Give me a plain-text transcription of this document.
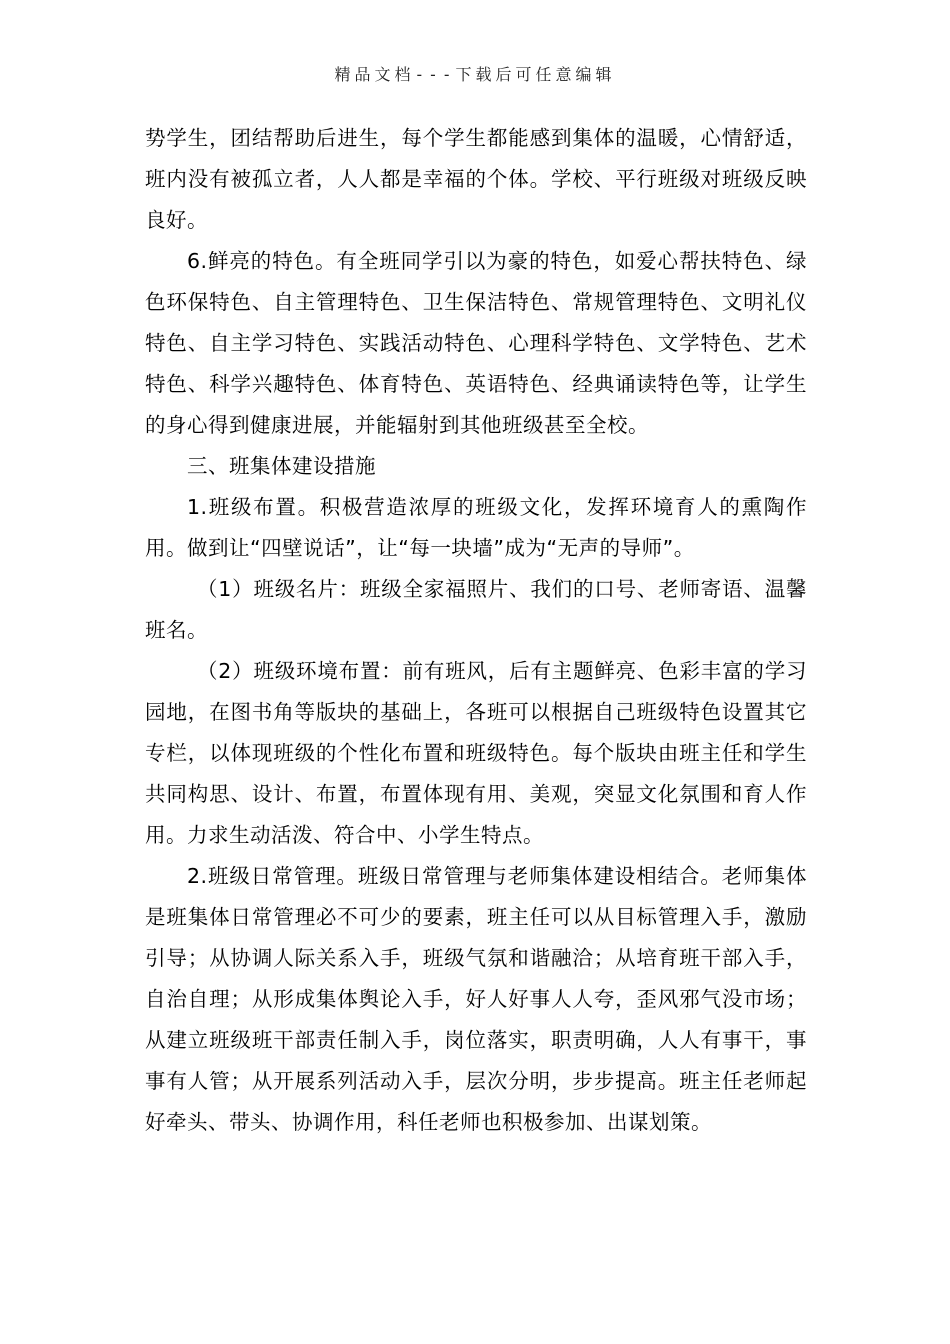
精品文档---下载后可任意编辑

势学生，团结帮助后进生，每个学生都能感到集体的温暖，心情舒适，班内没有被孤立者，人人都是幸福的个体。学校、平行班级对班级反映良好。

6.鲜亮的特色。有全班同学引以为豪的特色，如爱心帮扶特色、绿色环保特色、自主管理特色、卫生保洁特色、常规管理特色、文明礼仪特色、自主学习特色、实践活动特色、心理科学特色、文学特色、艺术特色、科学兴趣特色、体育特色、英语特色、经典诵读特色等，让学生的身心得到健康进展，并能辐射到其他班级甚至全校。

三、班集体建设措施

1.班级布置。积极营造浓厚的班级文化，发挥环境育人的熏陶作用。做到让“四壁说话”，让“每一块墙”成为“无声的导师”。

（1）班级名片：班级全家福照片、我们的口号、老师寄语、温馨班名。

（2）班级环境布置：前有班风，后有主题鲜亮、色彩丰富的学习园地，在图书角等版块的基础上，各班可以根据自己班级特色设置其它专栏，以体现班级的个性化布置和班级特色。每个版块由班主任和学生共同构思、设计、布置，布置体现有用、美观，突显文化氛围和育人作用。力求生动活泼、符合中、小学生特点。

2.班级日常管理。班级日常管理与老师集体建设相结合。老师集体是班集体日常管理必不可少的要素，班主任可以从目标管理入手，激励引导；从协调人际关系入手，班级气氛和谐融洽；从培育班干部入手，自治自理；从形成集体舆论入手，好人好事人人夸，歪风邪气没市场；从建立班级班干部责任制入手，岗位落实，职责明确，人人有事干，事事有人管；从开展系列活动入手，层次分明，步步提高。班主任老师起好牵头、带头、协调作用，科任老师也积极参加、出谋划策。
